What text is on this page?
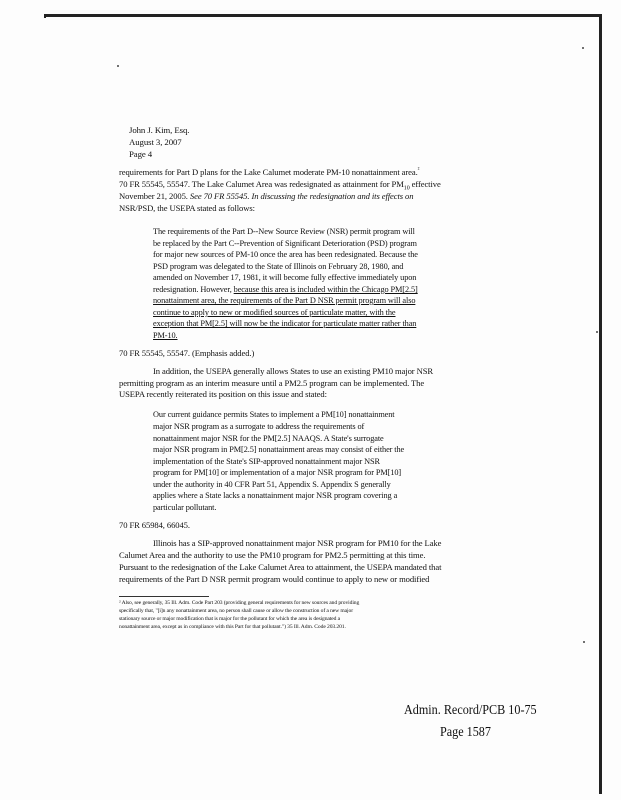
John J. Kim, Esq.
August 3, 2007
Page 4
requirements for Part D plans for the Lake Calumet moderate PM-10 nonattainment area.$^{^2}$
70 FR 55545, 55547. The Lake Calumet Area was redesignated as attainment for $PM_{10}$ effective
November 21, 2005. See 70 FR 55545. In discussing the redesignation and its effects on
NSR/PSD, the USEPA stated as follows:
The requirements of the Part D--New Source Review (NSR) permit program will
be replaced by the Part C--Prevention of Significant Deterioration (PSD) program
for major new sources of PM-10 once the area has been redesignated. Because the
PSD program was delegated to the State of Illinois on February 28, 1980, and
amended on November 17, 1981, it will become fully effective immediately upon
redesignation. However, because this area is included within the Chicago PM[2.5]
nonattainment area, the requirements of the Part D NSR permit program will also
continue to apply to new or modified sources of particulate matter, with the
exception that PM[2.5] will now be the indicator for particulate matter rather than
PM-10.
70 FR 55545, 55547. (Emphasis added.)
In addition, the USEPA generally allows States to use an existing PM10 major NSR
permitting program as an interim measure until a PM2.5 program can be implemented. The
USEPA recently reiterated its position on this issue and stated:
Our current guidance permits States to implement a PM[10] nonattainment
major NSR program as a surrogate to address the requirements of
nonattainment major NSR for the PM[2.5] NAAQS. A State's surrogate
major NSR program in PM[2.5] nonattainment areas may consist of either the
implementation of the State's SIP-approved nonattainment major NSR
program for PM[10] or implementation of a major NSR program for PM[10]
under the authority in 40 CFR Part 51, Appendix S. Appendix S generally
applies where a State lacks a nonattainment major NSR program covering a
particular pollutant.
70 FR 65984, 66045.
Illinois has a SIP-approved nonattainment major NSR program for PM10 for the Lake
Calumet Area and the authority to use the PM10 program for PM2.5 permitting at this time.
Pursuant to the redesignation of the Lake Calumet Area to attainment, the USEPA mandated that
requirements of the Part D NSR permit program would continue to apply to new or modified
² Also, see generally, 35 Ill. Adm. Code Part 203 (providing general requirements for new sources and providing
specifically that, "[i]n any nonattainment area, no person shall cause or allow the construction of a new major
stationary source or major modification that is major for the pollutant for which the area is designated a
nonattainment area, except as in compliance with this Part for that pollutant.") 35 Ill. Adm. Code 203.201.
Admin. Record/PCB 10-75
Page 1587
